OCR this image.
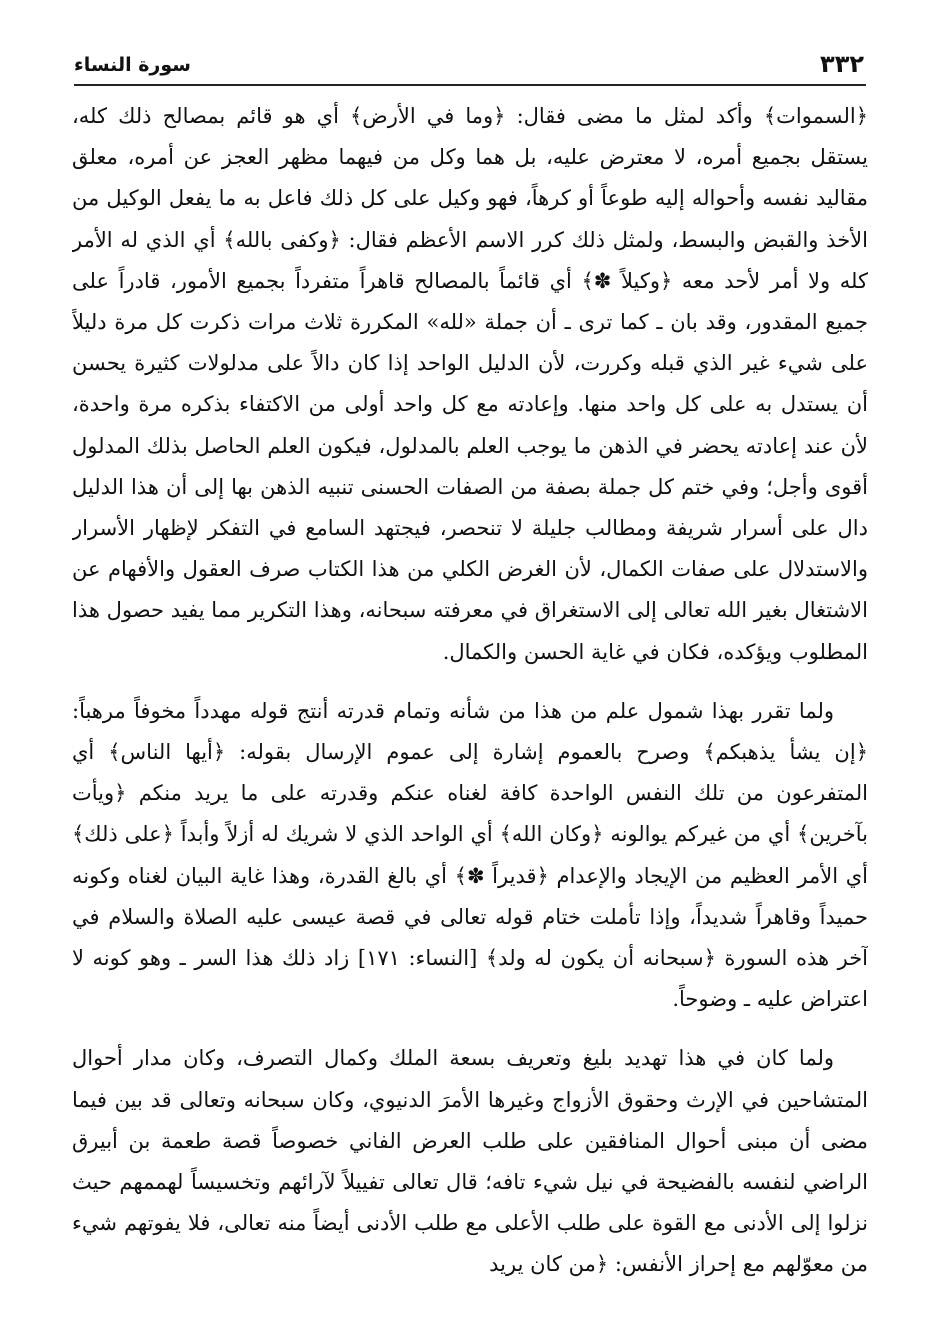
٣٣٢
سورة النساء

﴿السموات﴾ وأكد لمثل ما مضى فقال: ﴿وما في الأرض﴾ أي هو قائم بمصالح ذلك كله، يستقل بجميع أمره، لا معترض عليه، بل هما وكل من فيهما مظهر العجز عن أمره، معلق مقاليد نفسه وأحواله إليه طوعاً أو كرهاً، فهو وكيل على كل ذلك فاعل به ما يفعل الوكيل من الأخذ والقبض والبسط، ولمثل ذلك كرر الاسم الأعظم فقال: ﴿وكفى بالله﴾ أي الذي له الأمر كله ولا أمر لأحد معه ﴿وكيلاً ✽﴾ أي قائماً بالمصالح قاهراً متفرداً بجميع الأمور، قادراً على جميع المقدور، وقد بان ـ كما ترى ـ أن جملة «لله» المكررة ثلاث مرات ذكرت كل مرة دليلاً على شيء غير الذي قبله وكررت، لأن الدليل الواحد إذا كان دالاً على مدلولات كثيرة يحسن أن يستدل به على كل واحد منها. وإعادته مع كل واحد أولى من الاكتفاء بذكره مرة واحدة، لأن عند إعادته يحضر في الذهن ما يوجب العلم بالمدلول، فيكون العلم الحاصل بذلك المدلول أقوى وأجل؛ وفي ختم كل جملة بصفة من الصفات الحسنى تنبيه الذهن بها إلى أن هذا الدليل دال على أسرار شريفة ومطالب جليلة لا تنحصر، فيجتهد السامع في التفكر لإظهار الأسرار والاستدلال على صفات الكمال، لأن الغرض الكلي من هذا الكتاب صرف العقول والأفهام عن الاشتغال بغير الله تعالى إلى الاستغراق في معرفته سبحانه، وهذا التكرير مما يفيد حصول هذا المطلوب ويؤكده، فكان في غاية الحسن والكمال.

ولما تقرر بهذا شمول علم من هذا من شأنه وتمام قدرته أنتج قوله مهدداً مخوفاً مرهباً: ﴿إن يشأ يذهبكم﴾ وصرح بالعموم إشارة إلى عموم الإرسال بقوله: ﴿أيها الناس﴾ أي المتفرعون من تلك النفس الواحدة كافة لغناه عنكم وقدرته على ما يريد منكم ﴿ويأت بآخرين﴾ أي من غيركم يوالونه ﴿وكان الله﴾ أي الواحد الذي لا شريك له أزلاً وأبداً ﴿على ذلك﴾ أي الأمر العظيم من الإيجاد والإعدام ﴿قديراً ✽﴾ أي بالغ القدرة، وهذا غاية البيان لغناه وكونه حميداً وقاهراً شديداً، وإذا تأملت ختام قوله تعالى في قصة عيسى عليه الصلاة والسلام في آخر هذه السورة ﴿سبحانه أن يكون له ولد﴾ [النساء: ١٧١] زاد ذلك هذا السر ـ وهو كونه لا اعتراض عليه ـ وضوحاً.

ولما كان في هذا تهديد بليغ وتعريف بسعة الملك وكمال التصرف، وكان مدار أحوال المتشاحين في الإرث وحقوق الأزواج وغيرها الأمرَ الدنيوي، وكان سبحانه وتعالى قد بين فيما مضى أن مبنى أحوال المنافقين على طلب العرض الفاني خصوصاً قصة طعمة بن أبيرق الراضي لنفسه بالفضيحة في نيل شيء تافه؛ قال تعالى تفييلاً لآرائهم وتخسيساً لهممهم حيث نزلوا إلى الأدنى مع القوة على طلب الأعلى مع طلب الأدنى أيضاً منه تعالى، فلا يفوتهم شيء من معوّلهم مع إحراز الأنفس: ﴿من كان يريد
